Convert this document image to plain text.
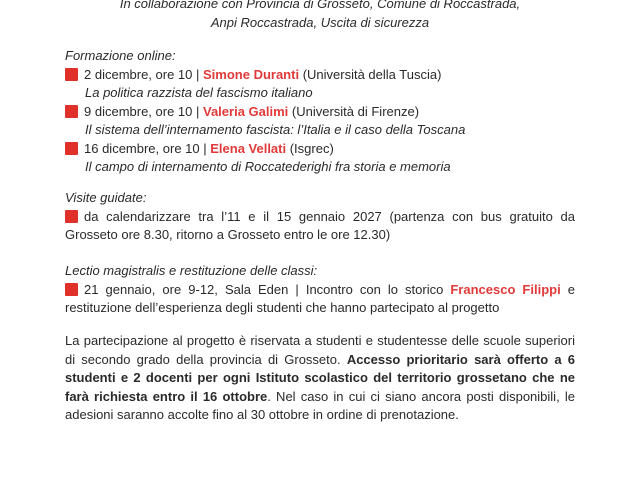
In collaborazione con Provincia di Grosseto, Comune di Roccastrada,
Anpi Roccastrada, Uscita di sicurezza
Formazione online:
2 dicembre, ore 10 | Simone Duranti (Università della Tuscia)
La politica razzista del fascismo italiano
9 dicembre, ore 10 | Valeria Galimi (Università di Firenze)
Il sistema dell’internamento fascista: l’Italia e il caso della Toscana
16 dicembre, ore 10 | Elena Vellati (Isgrec)
Il campo di internamento di Roccatederighi fra storia e memoria
Visite guidate:

da calendarizzare tra l’11 e il 15 gennaio 2027 (partenza con bus gratuito da Grosseto ore 8.30, ritorno a Grosseto entro le ore 12.30)

Lectio magistralis e restituzione delle classi:

21 gennaio, ore 9-12, Sala Eden | Incontro con lo storico Francesco Filippi e restituzione dell’esperienza degli studenti che hanno partecipato al progetto

La partecipazione al progetto è riservata a studenti e studentesse delle scuole superiori di secondo grado della provincia di Grosseto. Accesso prioritario sarà offerto a 6 studenti e 2 docenti per ogni Istituto scolastico del territorio grossetano che ne farà richiesta entro il 16 ottobre. Nel caso in cui ci siano ancora posti disponibili, le adesioni saranno accolte fino al 30 ottobre in ordine di prenotazione.
